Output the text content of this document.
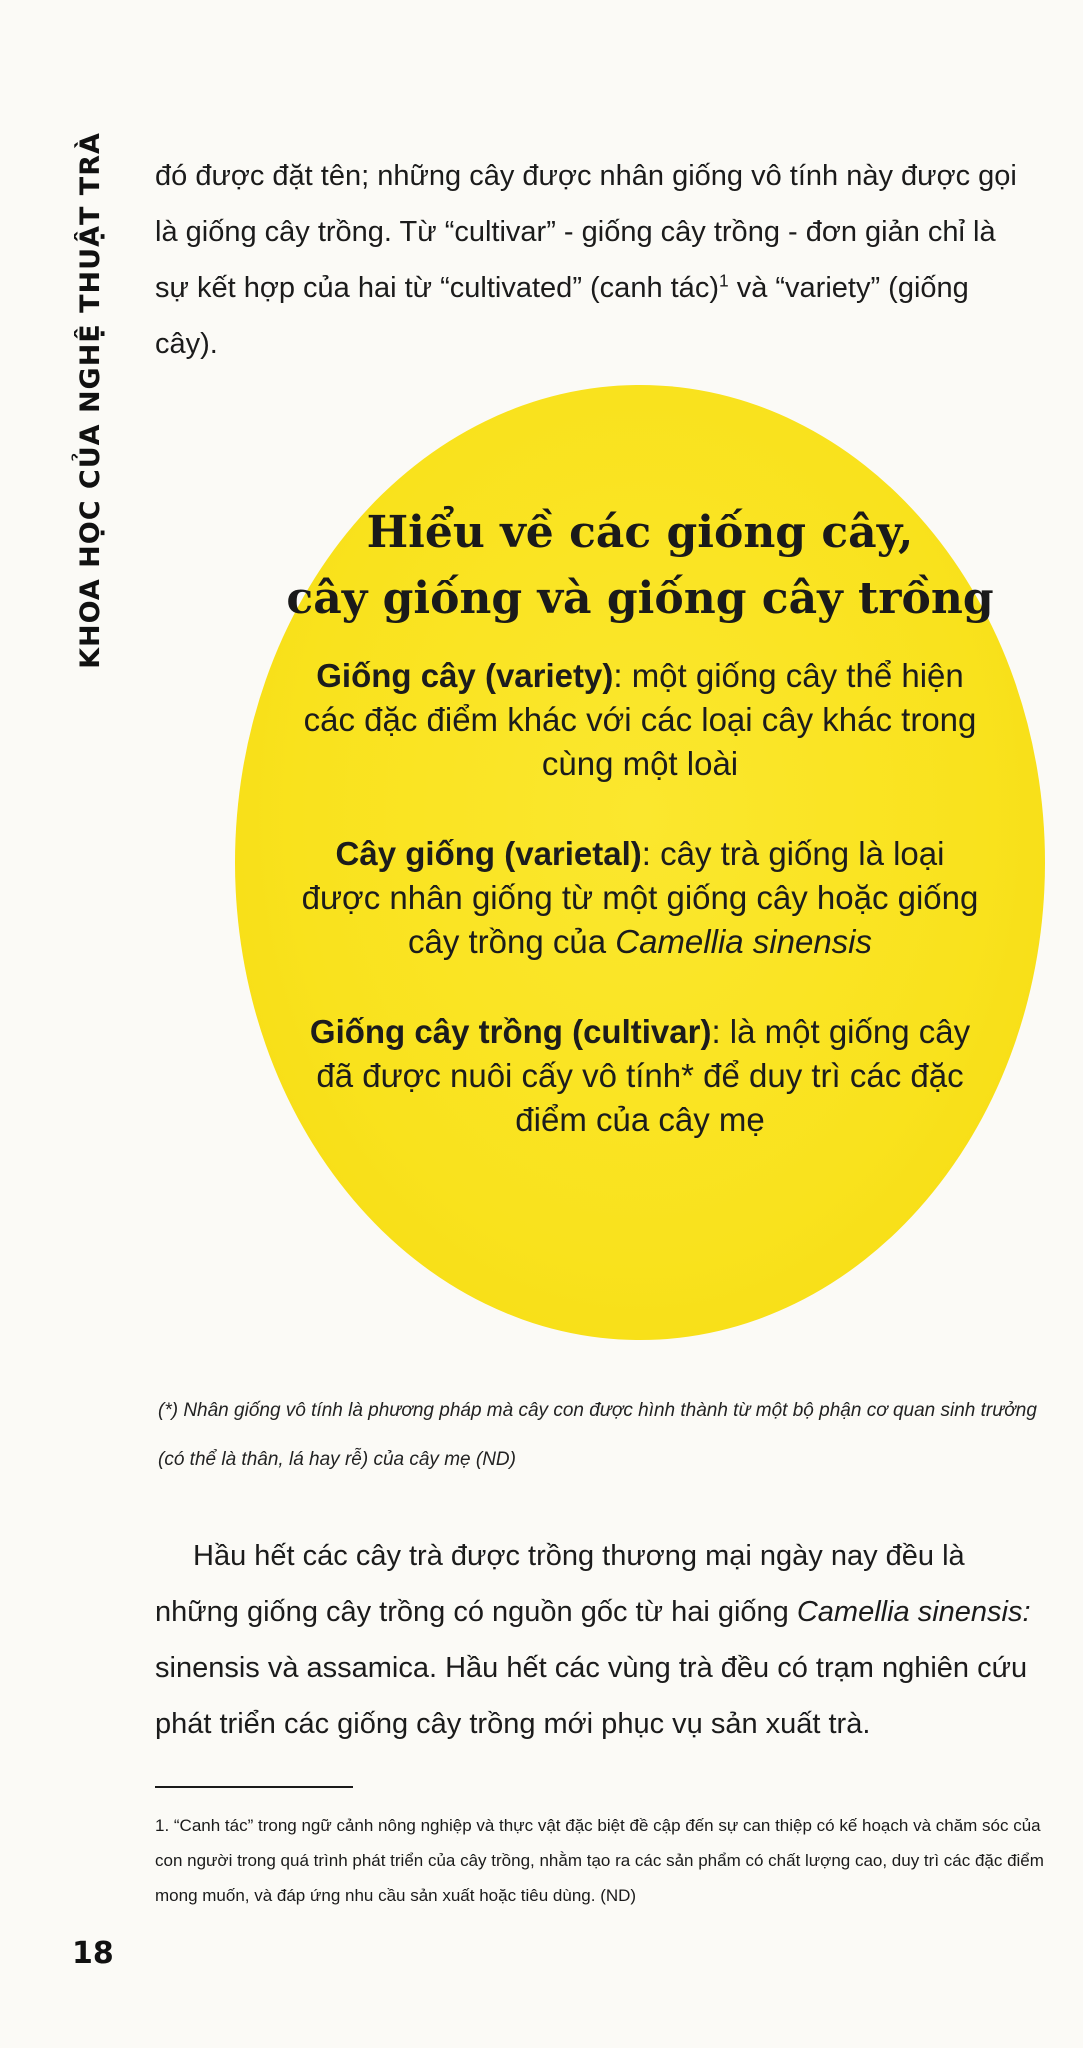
KHOA HỌC CỦA NGHỆ THUẬT TRÀ đó được đặt tên; những cây được nhân giống vô tính này được gọi là giống cây trồng. Từ “cultivar” - giống cây trồng - đơn giản chỉ là sự kết hợp của hai từ “cultivated” (canh tác)$^1$ và “variety” (giống cây).

Hiểu về các giống cây,
cây giống và giống cây trồng

Giống cây (variety): một giống cây thể hiện các đặc điểm khác với các loại cây khác trong cùng một loài

Cây giống (varietal): cây trà giống là loại được nhân giống từ một giống cây hoặc giống cây trồng của Camellia sinensis

Giống cây trồng (cultivar): là một giống cây đã được nuôi cấy vô tính* để duy trì các đặc điểm của cây mẹ

(*) Nhân giống vô tính là phương pháp mà cây con được hình thành từ một bộ phận cơ quan sinh trưởng (có thể là thân, lá hay rễ) của cây mẹ (ND)

Hầu hết các cây trà được trồng thương mại ngày nay đều là những giống cây trồng có nguồn gốc từ hai giống Camellia sinensis: sinensis và assamica. Hầu hết các vùng trà đều có trạm nghiên cứu phát triển các giống cây trồng mới phục vụ sản xuất trà.

1. “Canh tác” trong ngữ cảnh nông nghiệp và thực vật đặc biệt đề cập đến sự can thiệp có kế hoạch và chăm sóc của con người trong quá trình phát triển của cây trồng, nhằm tạo ra các sản phẩm có chất lượng cao, duy trì các đặc điểm mong muốn, và đáp ứng nhu cầu sản xuất hoặc tiêu dùng. (ND)

18
